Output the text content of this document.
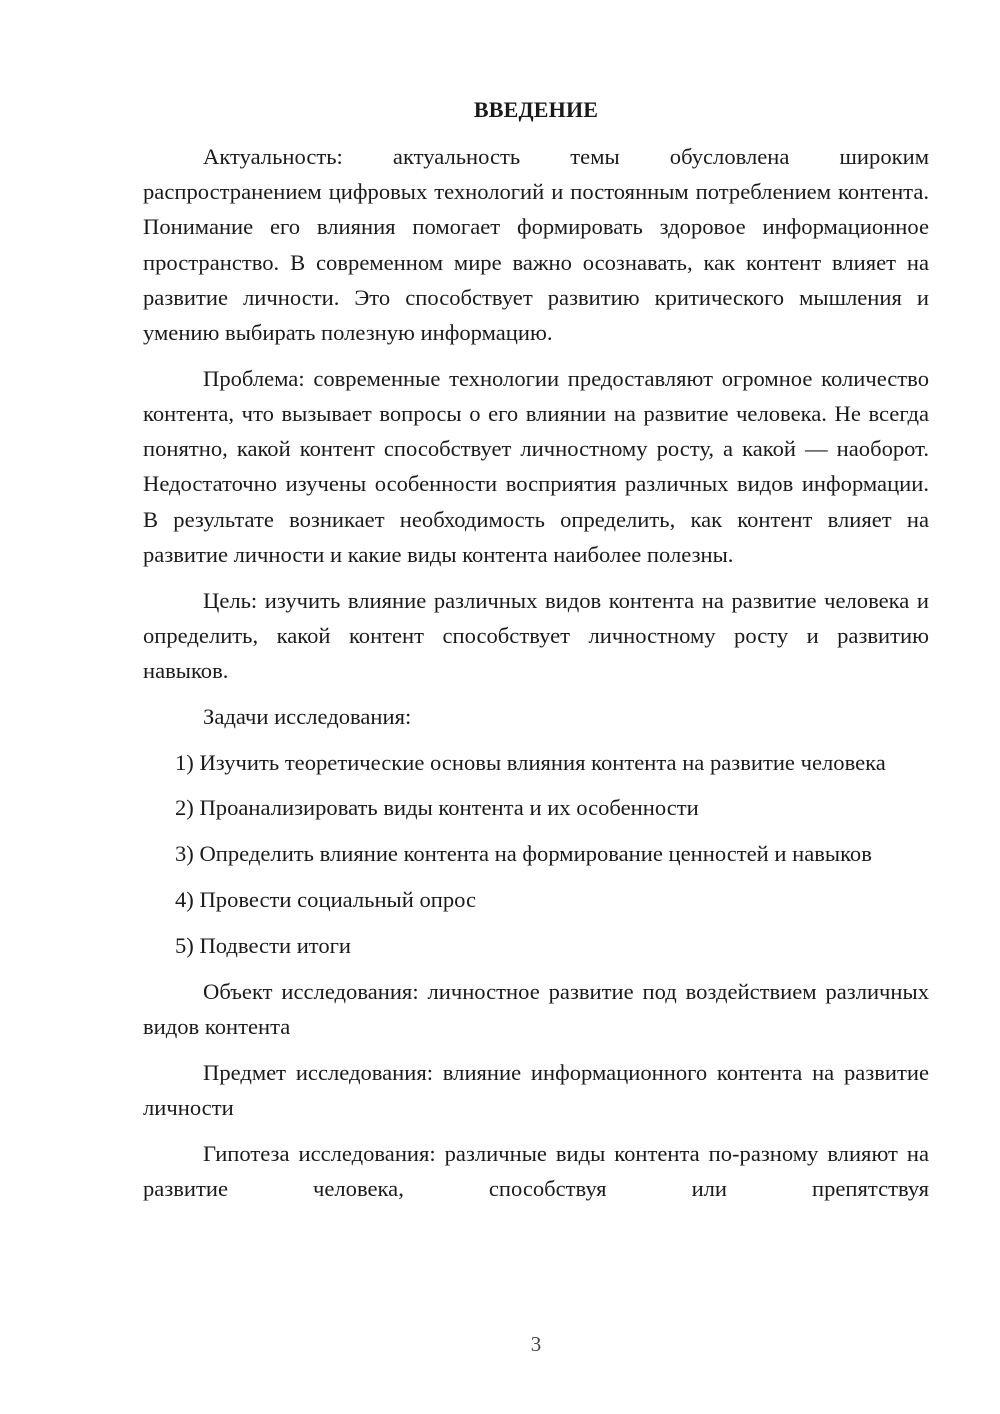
ВВЕДЕНИЕ

Актуальность: актуальность темы обусловлена широким распространением цифровых технологий и постоянным потреблением контента. Понимание его влияния помогает формировать здоровое информационное пространство. В современном мире важно осознавать, как контент влияет на развитие личности. Это способствует развитию критического мышления и умению выбирать полезную информацию.

Проблема: современные технологии предоставляют огромное количество контента, что вызывает вопросы о его влиянии на развитие человека. Не всегда понятно, какой контент способствует личностному росту, а какой — наоборот. Недостаточно изучены особенности восприятия различных видов информации. В результате возникает необходимость определить, как контент влияет на развитие личности и какие виды контента наиболее полезны.

Цель: изучить влияние различных видов контента на развитие человека и определить, какой контент способствует личностному росту и развитию навыков.

Задачи исследования:

1) Изучить теоретические основы влияния контента на развитие человека

2) Проанализировать виды контента и их особенности

3) Определить влияние контента на формирование ценностей и навыков

4) Провести социальный опрос

5) Подвести итоги

Объект исследования: личностное развитие под воздействием различных видов контента

Предмет исследования: влияние информационного контента на развитие личности

Гипотеза исследования: различные виды контента по-разному влияют на развитие человека, способствуя или препятствуя

3
